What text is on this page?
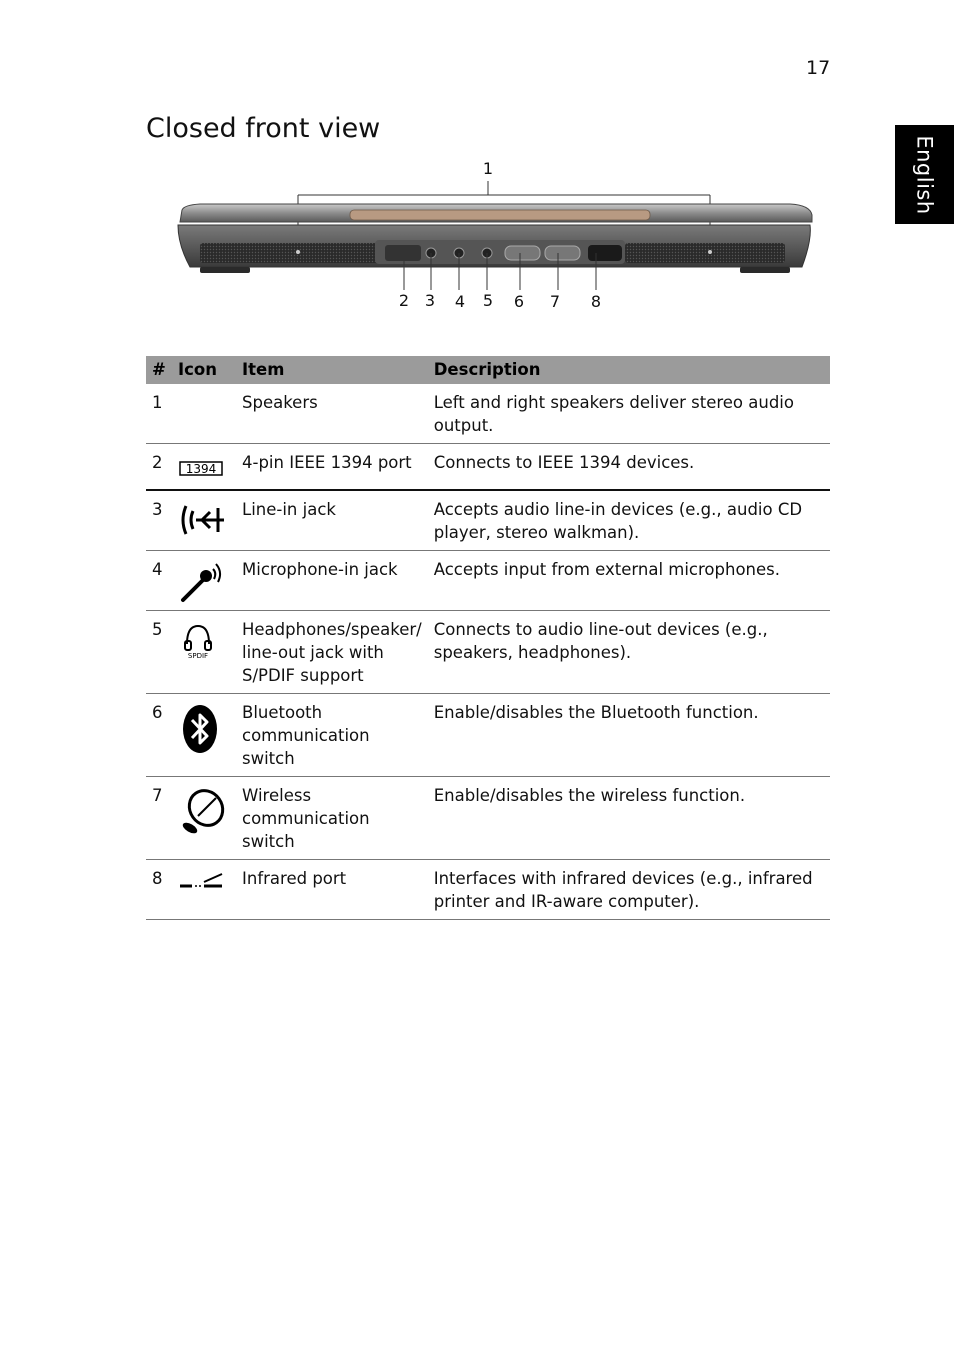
17
English
Closed front view
1
2 3 4 5 6 7 8
#	Icon	Item	Description
1		Speakers	Left and right speakers deliver stereo audio output.
2	1394	4-pin IEEE 1394 port	Connects to IEEE 1394 devices.
3		Line-in jack	Accepts audio line-in devices (e.g., audio CD player, stereo walkman).
4		Microphone-in jack	Accepts input from external microphones.
5	SPDIF	Headphones/speaker/ line-out jack with S/PDIF support	Connects to audio line-out devices (e.g., speakers, headphones).
6		Bluetooth communication switch	Enable/disables the Bluetooth function.
7		Wireless communication switch	Enable/disables the wireless function.
8		Infrared port	Interfaces with infrared devices (e.g., infrared printer and IR-aware computer).
